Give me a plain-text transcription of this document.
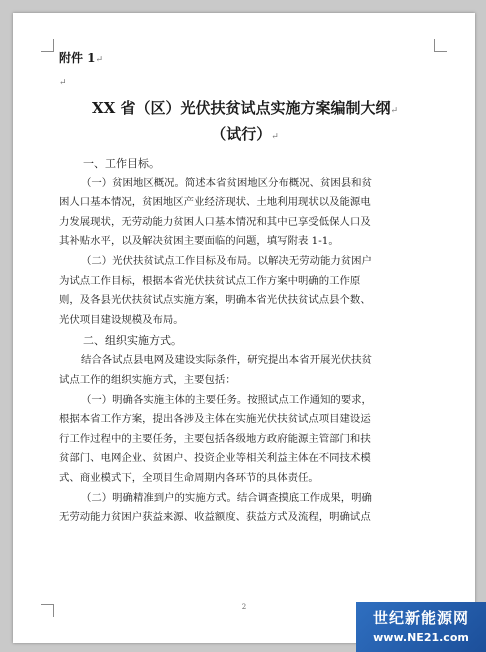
附件 1↵
↵
XX 省（区）光伏扶贫试点实施方案编制大纲↵
（试行）↵
一、工作目标。
（一）贫困地区概况。简述本省贫困地区分布概况、贫困县和贫
困人口基本情况，贫困地区产业经济现状、土地利用现状以及能源电
力发展现状，无劳动能力贫困人口基本情况和其中已享受低保人口及
其补贴水平，以及解决贫困主要面临的问题，填写附表 1-1。
（二）光伏扶贫试点工作目标及布局。以解决无劳动能力贫困户
为试点工作目标，根据本省光伏扶贫试点工作方案中明确的工作原
则，及各县光伏扶贫试点实施方案，明确本省光伏扶贫试点县个数、
光伏项目建设规模及布局。
二、组织实施方式。
结合各试点县电网及建设实际条件，研究提出本省开展光伏扶贫
试点工作的组织实施方式，主要包括：
（一）明确各实施主体的主要任务。按照试点工作通知的要求，
根据本省工作方案，提出各涉及主体在实施光伏扶贫试点项目建设运
行工作过程中的主要任务，主要包括各级地方政府能源主管部门和扶
贫部门、电网企业、贫困户、投资企业等相关利益主体在不同技术模
式、商业模式下，全项目生命周期内各环节的具体责任。
（二）明确精准到户的实施方式。结合调查摸底工作成果，明确
无劳动能力贫困户获益来源、收益额度、获益方式及流程，明确试点
2
世纪新能源网
www.NE21.com
